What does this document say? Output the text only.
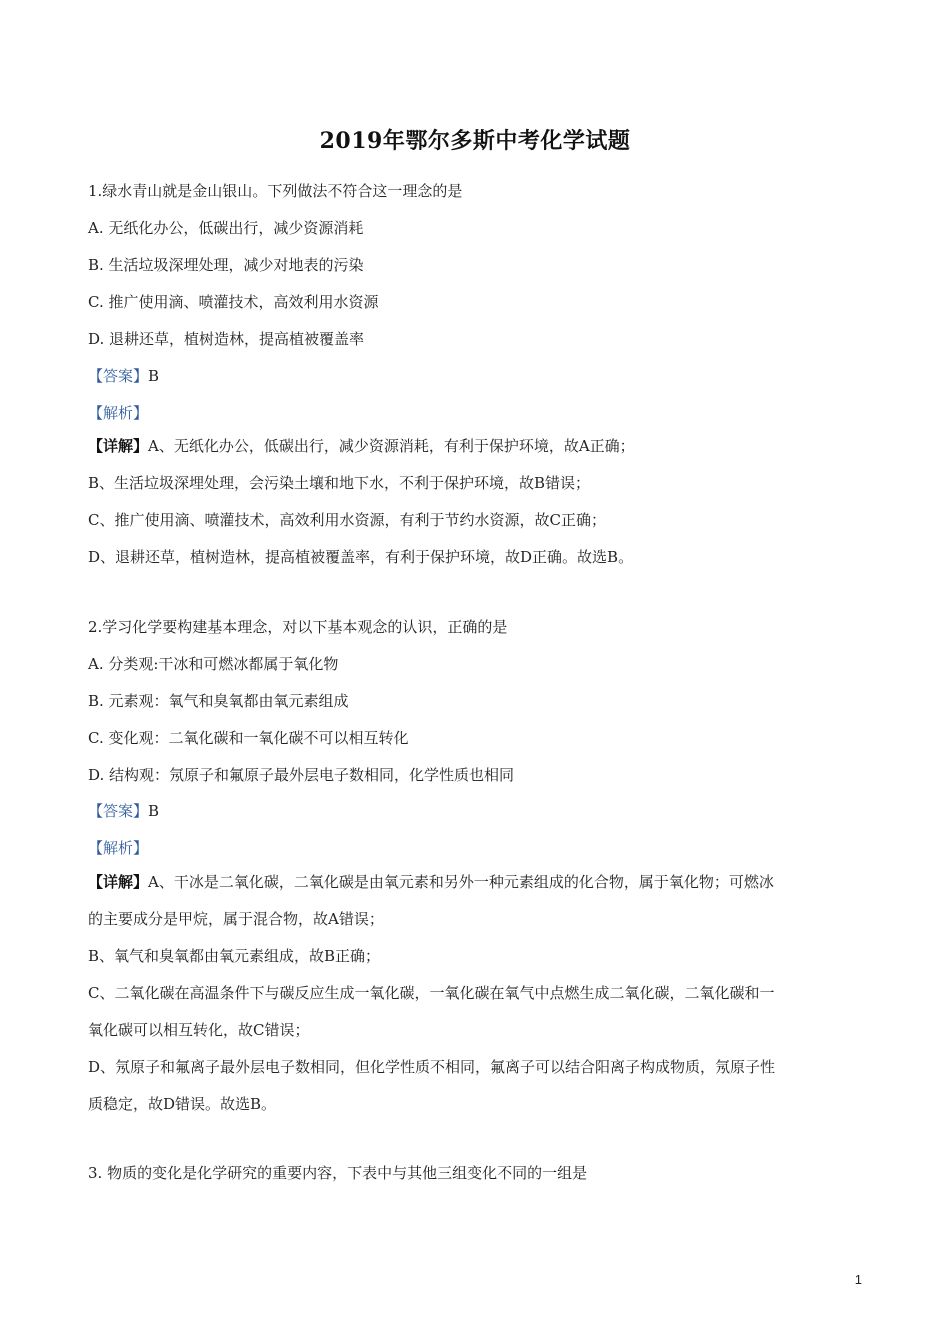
2019年鄂尔多斯中考化学试题
1.绿水青山就是金山银山。下列做法不符合这一理念的是
A. 无纸化办公，低碳出行，减少资源消耗
B. 生活垃圾深埋处理，减少对地表的污染
C. 推广使用滴、喷灌技术，高效利用水资源
D. 退耕还草，植树造林，提高植被覆盖率
【答案】B
【解析】
【详解】A、无纸化办公，低碳出行，减少资源消耗，有利于保护环境，故A正确；
B、生活垃圾深埋处理，会污染土壤和地下水，不利于保护环境，故B错误；
C、推广使用滴、喷灌技术，高效利用水资源，有利于节约水资源，故C正确；
D、退耕还草，植树造林，提高植被覆盖率，有利于保护环境，故D正确。故选B。
2.学习化学要构建基本理念，对以下基本观念的认识，正确的是
A. 分类观:干冰和可燃冰都属于氧化物
B. 元素观：氧气和臭氧都由氧元素组成
C. 变化观：二氧化碳和一氧化碳不可以相互转化
D. 结构观：氖原子和氟原子最外层电子数相同，化学性质也相同
【答案】B
【解析】
【详解】A、干冰是二氧化碳，二氧化碳是由氧元素和另外一种元素组成的化合物，属于氧化物；可燃冰
的主要成分是甲烷，属于混合物，故A错误；
B、氧气和臭氧都由氧元素组成，故B正确；
C、二氧化碳在高温条件下与碳反应生成一氧化碳，一氧化碳在氧气中点燃生成二氧化碳，二氧化碳和一
氧化碳可以相互转化，故C错误；
D、氖原子和氟离子最外层电子数相同，但化学性质不相同，氟离子可以结合阳离子构成物质，氖原子性
质稳定，故D错误。故选B。
3. 物质的变化是化学研究的重要内容，下表中与其他三组变化不同的一组是
1
